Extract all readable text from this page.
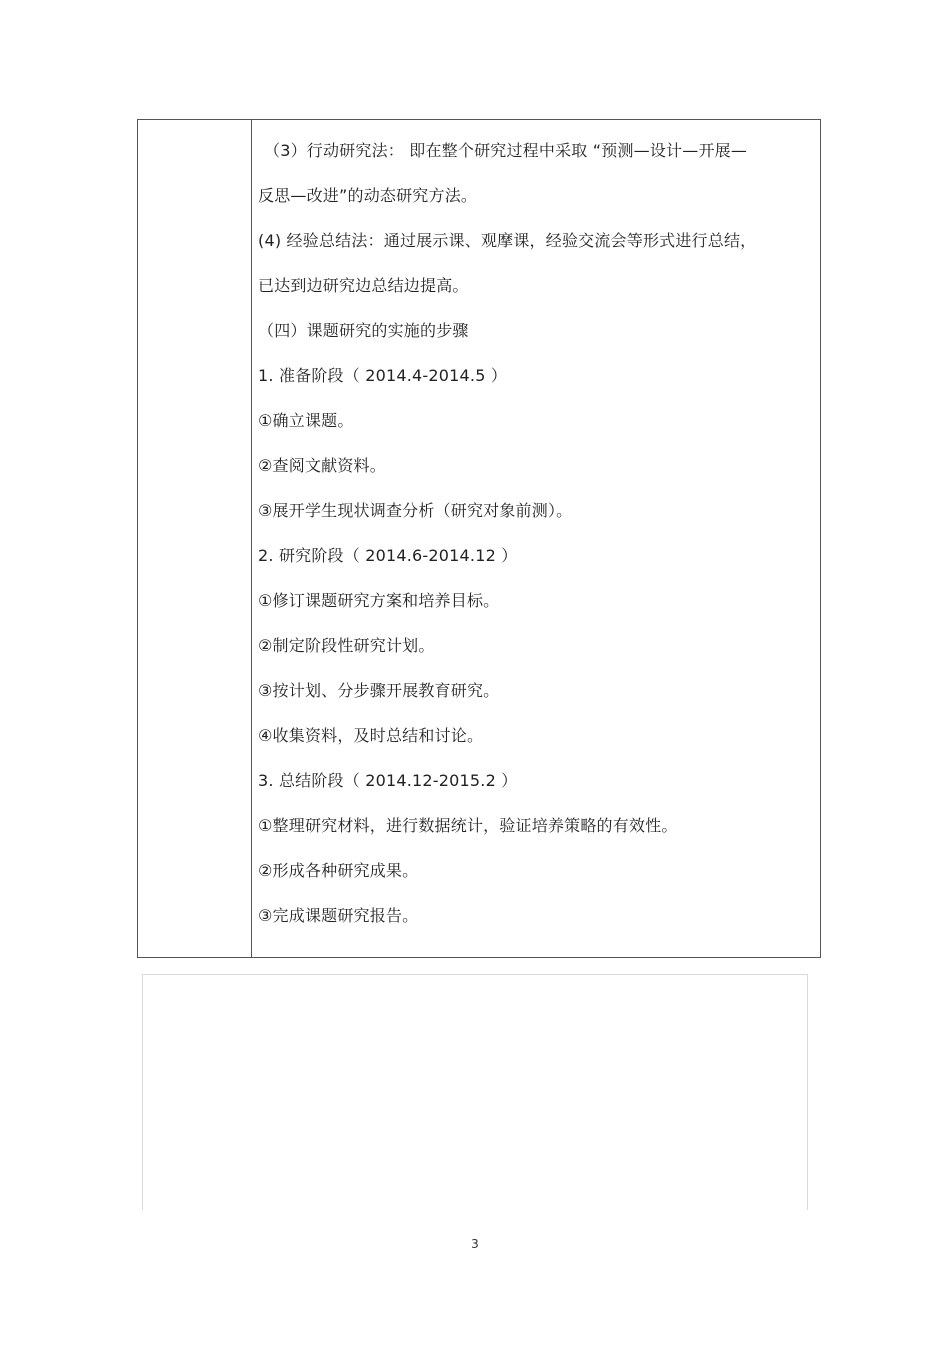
（3）行动研究法： 即在整个研究过程中采取 “预测—设计—开展—
反思—改进”的动态研究方法。
(4) 经验总结法：通过展示课、观摩课，经验交流会等形式进行总结，
已达到边研究边总结边提高。
（四）课题研究的实施的步骤
1. 准备阶段（ 2014.4-2014.5 ）
①确立课题。
②查阅文献资料。
③展开学生现状调查分析（研究对象前测）。
2. 研究阶段（ 2014.6-2014.12 ）
①修订课题研究方案和培养目标。
②制定阶段性研究计划。
③按计划、分步骤开展教育研究。
④收集资料，及时总结和讨论。
3. 总结阶段（ 2014.12-2015.2 ）
①整理研究材料，进行数据统计，验证培养策略的有效性。
②形成各种研究成果。
③完成课题研究报告。
3
